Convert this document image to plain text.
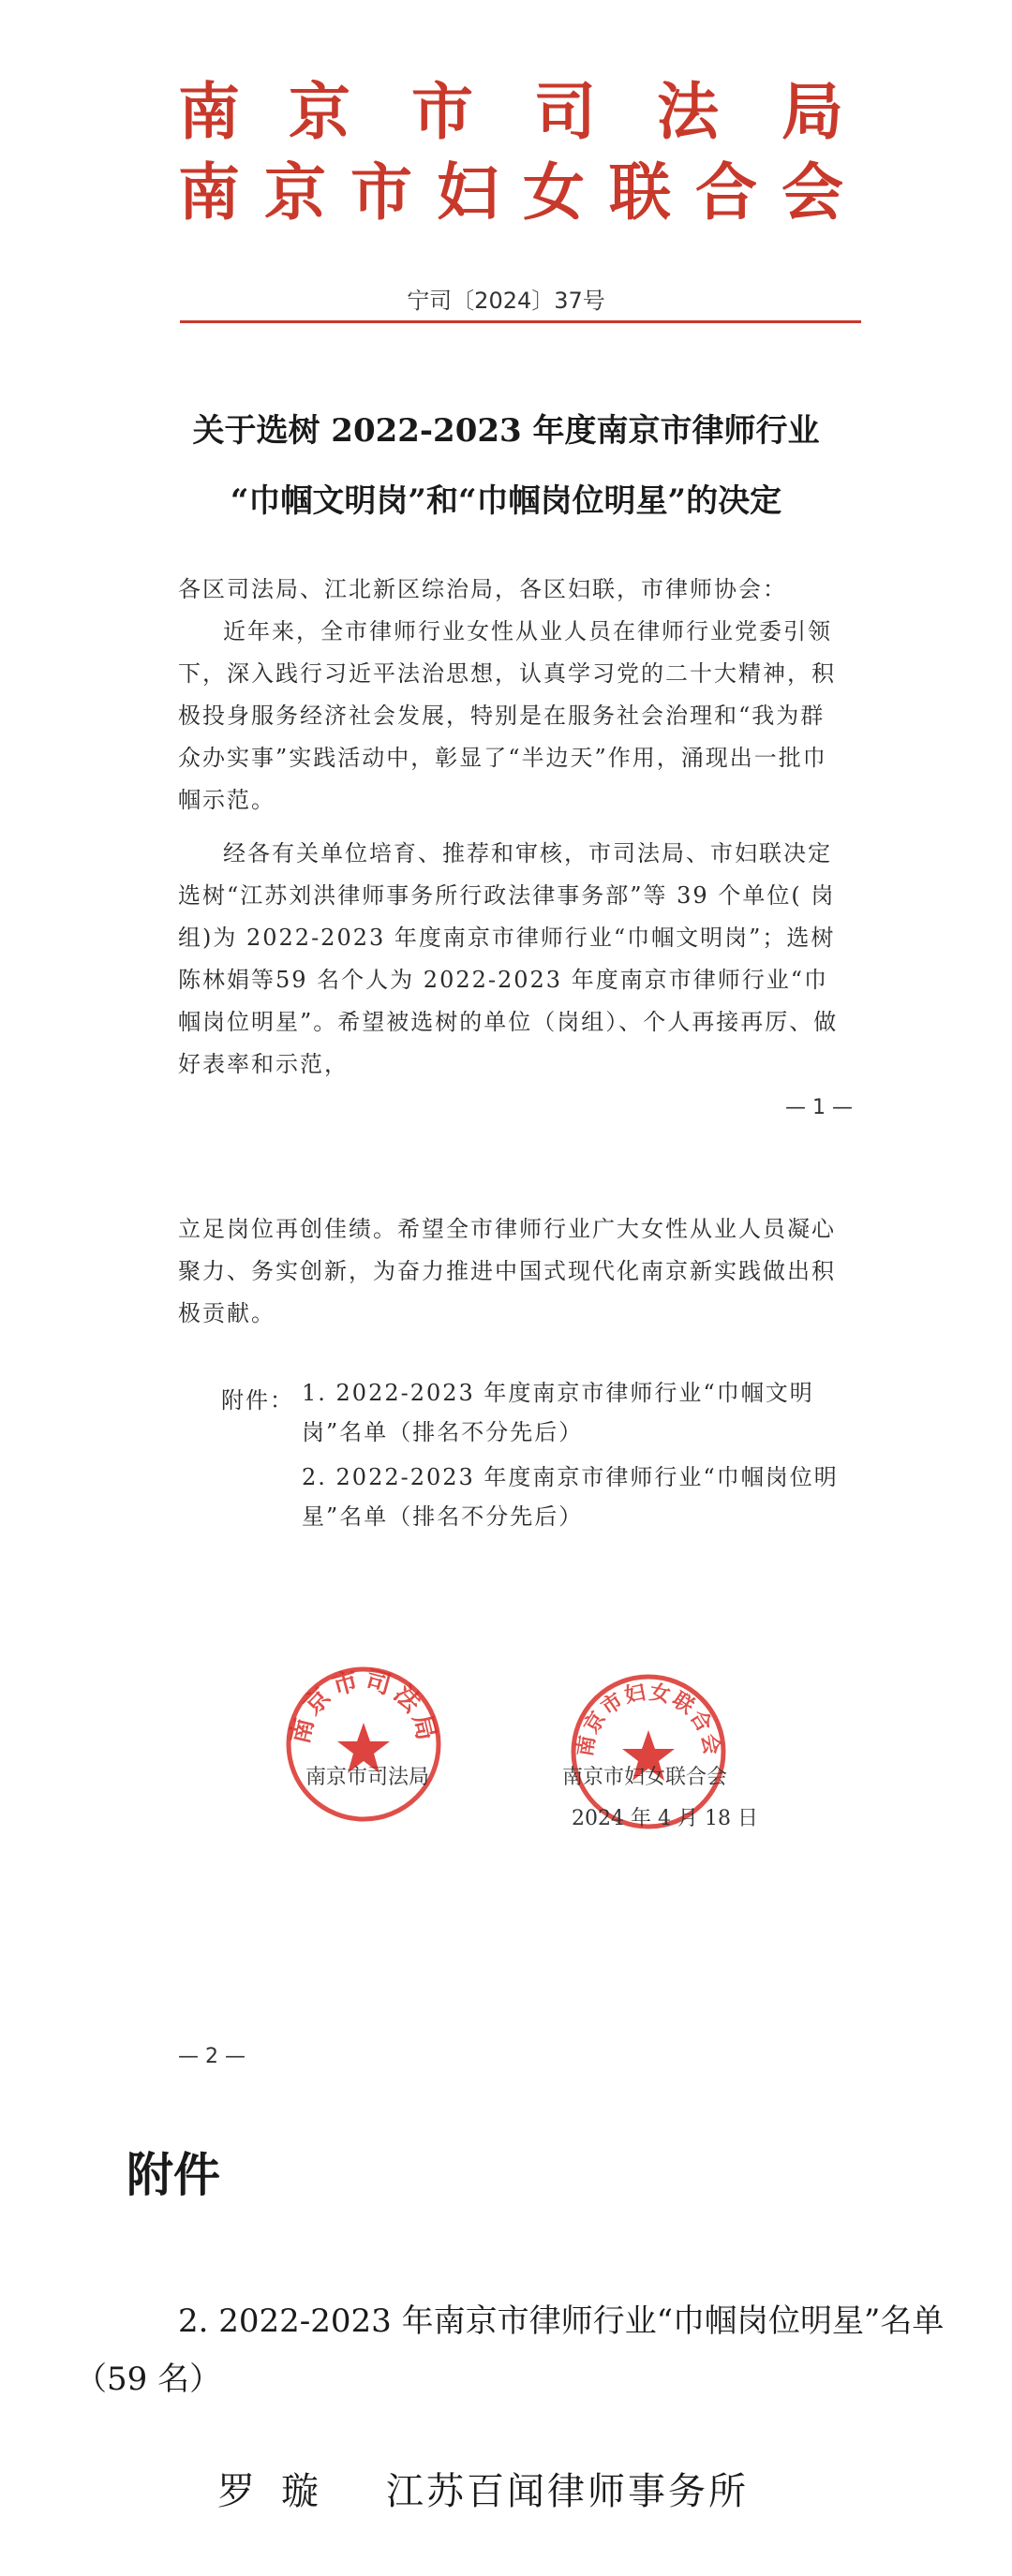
南 京 市 司 法 局
南 京 市 妇 女 联 合 会
宁司〔2024〕37号
关于选树 2022-2023 年度南京市律师行业
“巾帼文明岗”和“巾帼岗位明星”的决定

各区司法局、江北新区综治局，各区妇联，市律师协会：

近年来，全市律师行业女性从业人员在律师行业党委引领下，深入践行习近平法治思想，认真学习党的二十大精神，积极投身服务经济社会发展，特别是在服务社会治理和“我为群众办实事”实践活动中，彰显了“半边天”作用，涌现出一批巾帼示范。

经各有关单位培育、推荐和审核，市司法局、市妇联决定选树“江苏刘洪律师事务所行政法律事务部”等 39 个单位( 岗组)为 2022-2023 年度南京市律师行业“巾帼文明岗”；选树陈林娟等59 名个人为 2022-2023 年度南京市律师行业“巾帼岗位明星”。希望被选树的单位（岗组）、个人再接再厉、做好表率和示范，

— 1 —

立足岗位再创佳绩。希望全市律师行业广大女性从业人员凝心聚力、务实创新，为奋力推进中国式现代化南京新实践做出积极贡献。

附件： 1. 2022-2023 年度南京市律师行业“巾帼文明岗”名单（排名不分先后）
2. 2022-2023 年度南京市律师行业“巾帼岗位明星”名单（排名不分先后）
南京市司法局	南京市妇女联合会
南京市司法局	南京市妇女联合会
2024 年 4 月 18 日
— 2 —
附件
2. 2022-2023 年南京市律师行业“巾帼岗位明星”名单
（59 名）
罗璇 江苏百闻律师事务所
